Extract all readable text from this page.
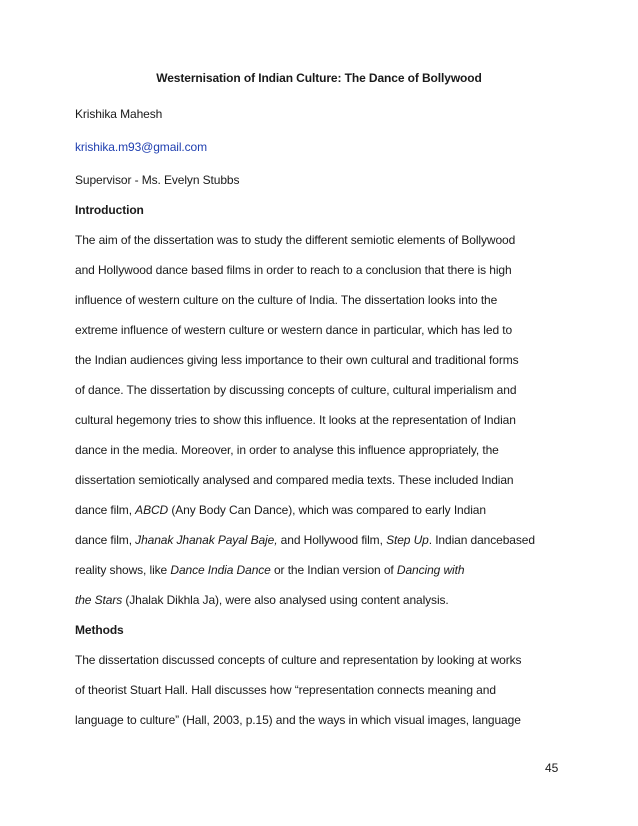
Westernisation of Indian Culture: The Dance of Bollywood
Krishika Mahesh
krishika.m93@gmail.com
Supervisor - Ms. Evelyn Stubbs
Introduction
The aim of the dissertation was to study the different semiotic elements of Bollywood
and Hollywood dance based films in order to reach to a conclusion that there is high
influence of western culture on the culture of India. The dissertation looks into the
extreme influence of western culture or western dance in particular, which has led to
the Indian audiences giving less importance to their own cultural and traditional forms
of dance. The dissertation by discussing concepts of culture, cultural imperialism and
cultural hegemony tries to show this influence. It looks at the representation of Indian
dance in the media. Moreover, in order to analyse this influence appropriately, the
dissertation semiotically analysed and compared media texts. These included Indian
dance film, ABCD (Any Body Can Dance), which was compared to early Indian
dance film, Jhanak Jhanak Payal Baje, and Hollywood film, Step Up. Indian dancebased
reality shows, like Dance India Dance or the Indian version of Dancing with
the Stars (Jhalak Dikhla Ja), were also analysed using content analysis.
Methods
The dissertation discussed concepts of culture and representation by looking at works
of theorist Stuart Hall. Hall discusses how “representation connects meaning and
language to culture” (Hall, 2003, p.15) and the ways in which visual images, language
45
